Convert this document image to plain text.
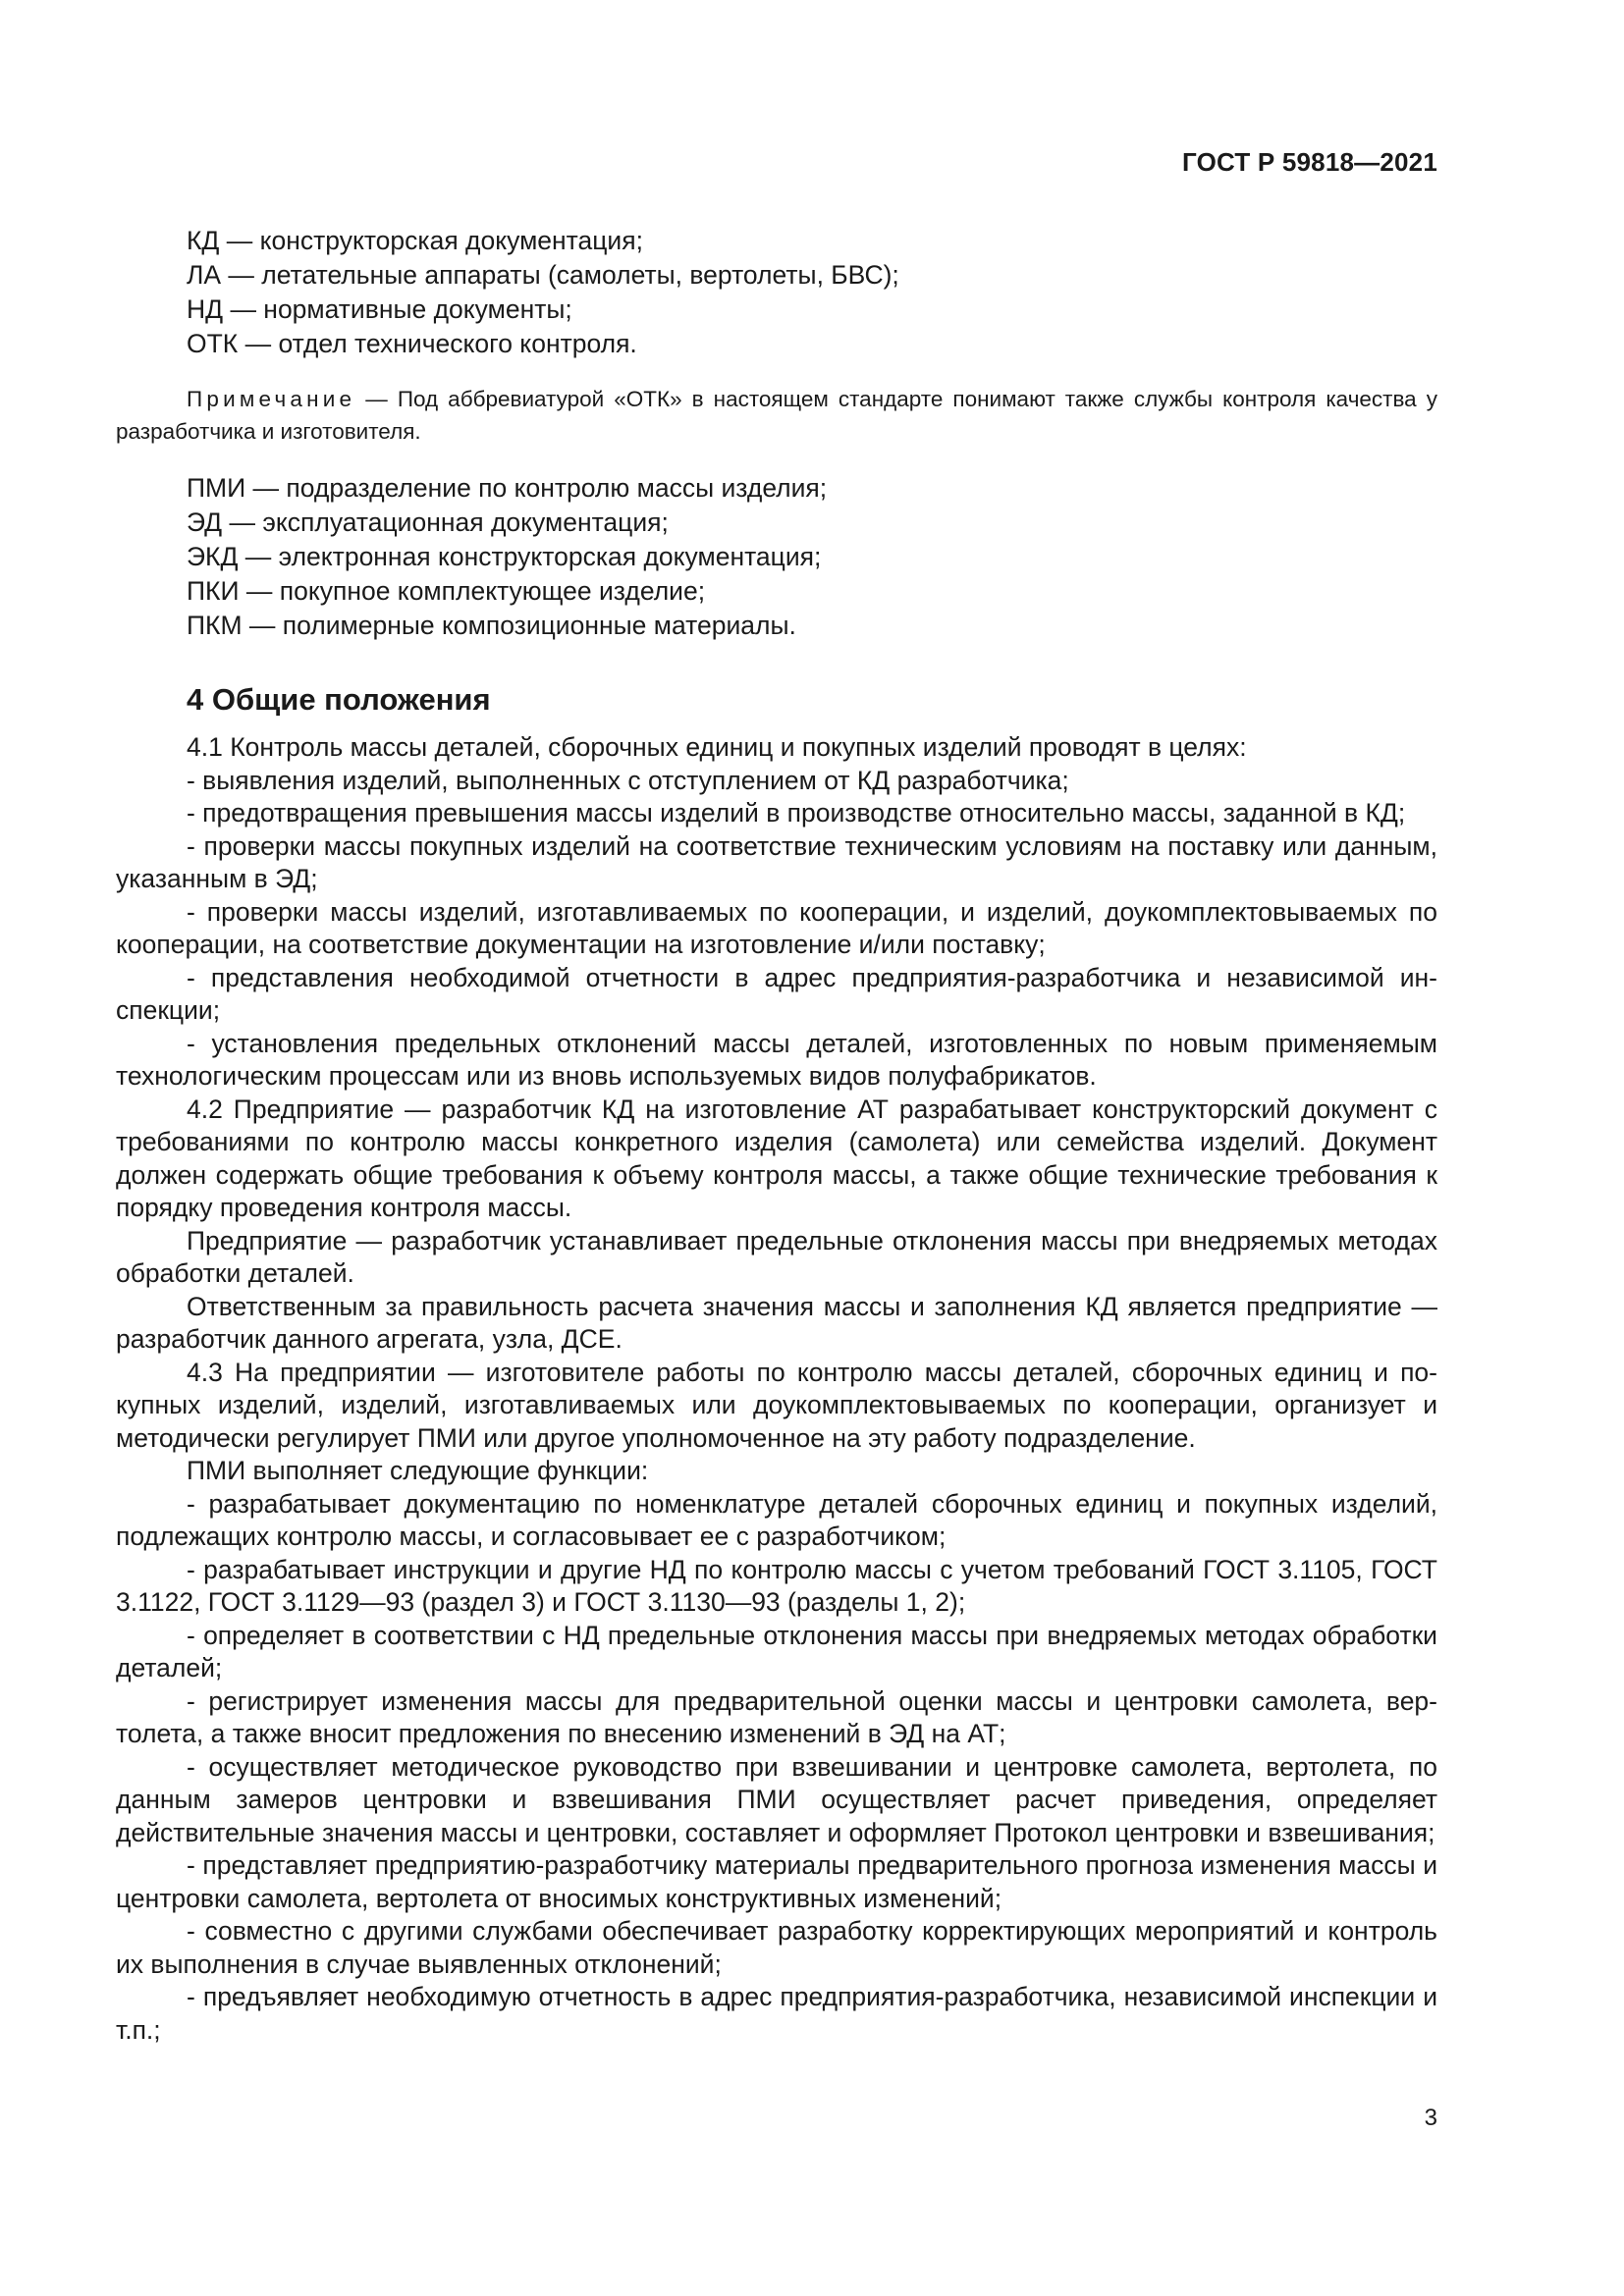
ГОСТ Р 59818—2021
КД — конструкторская документация;
ЛА — летательные аппараты (самолеты, вертолеты, БВС);
НД — нормативные документы;
ОТК — отдел технического контроля.
Примечание — Под аббревиатурой «ОТК» в настоящем стандарте понимают также службы контроля качества у разработчика и изготовителя.
ПМИ — подразделение по контролю массы изделия;
ЭД — эксплуатационная документация;
ЭКД — электронная конструкторская документация;
ПКИ — покупное комплектующее изделие;
ПКМ — полимерные композиционные материалы.
4 Общие положения

4.1 Контроль массы деталей, сборочных единиц и покупных изделий проводят в целях:

- выявления изделий, выполненных с отступлением от КД разработчика;

- предотвращения превышения массы изделий в производстве относительно массы, заданной в КД;

- проверки массы покупных изделий на соответствие техническим условиям на поставку или данным, указанным в ЭД;

- проверки массы изделий, изготавливаемых по кооперации, и изделий, доукомплектовываемых по кооперации, на соответствие документации на изготовление и/или поставку;

- представления необходимой отчетности в адрес предприятия-разработчика и независимой инспекции;

- установления предельных отклонений массы деталей, изготовленных по новым применяемым технологическим процессам или из вновь используемых видов полуфабрикатов.

4.2 Предприятие — разработчик КД на изготовление АТ разрабатывает конструкторский документ с требованиями по контролю массы конкретного изделия (самолета) или семейства изделий. Документ должен содержать общие требования к объему контроля массы, а также общие технические требования к порядку проведения контроля массы.

Предприятие — разработчик устанавливает предельные отклонения массы при внедряемых методах обработки деталей.

Ответственным за правильность расчета значения массы и заполнения КД является предприятие — разработчик данного агрегата, узла, ДСЕ.

4.3 На предприятии — изготовителе работы по контролю массы деталей, сборочных единиц и покупных изделий, изделий, изготавливаемых или доукомплектовываемых по кооперации, организует и методически регулирует ПМИ или другое уполномоченное на эту работу подразделение.

ПМИ выполняет следующие функции:

- разрабатывает документацию по номенклатуре деталей сборочных единиц и покупных изделий, подлежащих контролю массы, и согласовывает ее с разработчиком;

- разрабатывает инструкции и другие НД по контролю массы с учетом требований ГОСТ 3.1105, ГОСТ 3.1122, ГОСТ 3.1129—93 (раздел 3) и ГОСТ 3.1130—93 (разделы 1, 2);

- определяет в соответствии с НД предельные отклонения массы при внедряемых методах обработки деталей;

- регистрирует изменения массы для предварительной оценки массы и центровки самолета, вертолета, а также вносит предложения по внесению изменений в ЭД на АТ;

- осуществляет методическое руководство при взвешивании и центровке самолета, вертолета, по данным замеров центровки и взвешивания ПМИ осуществляет расчет приведения, определяет действительные значения массы и центровки, составляет и оформляет Протокол центровки и взвешивания;

- представляет предприятию-разработчику материалы предварительного прогноза изменения массы и центровки самолета, вертолета от вносимых конструктивных изменений;

- совместно с другими службами обеспечивает разработку корректирующих мероприятий и контроль их выполнения в случае выявленных отклонений;

- предъявляет необходимую отчетность в адрес предприятия-разработчика, независимой инспекции и т.п.;

3
